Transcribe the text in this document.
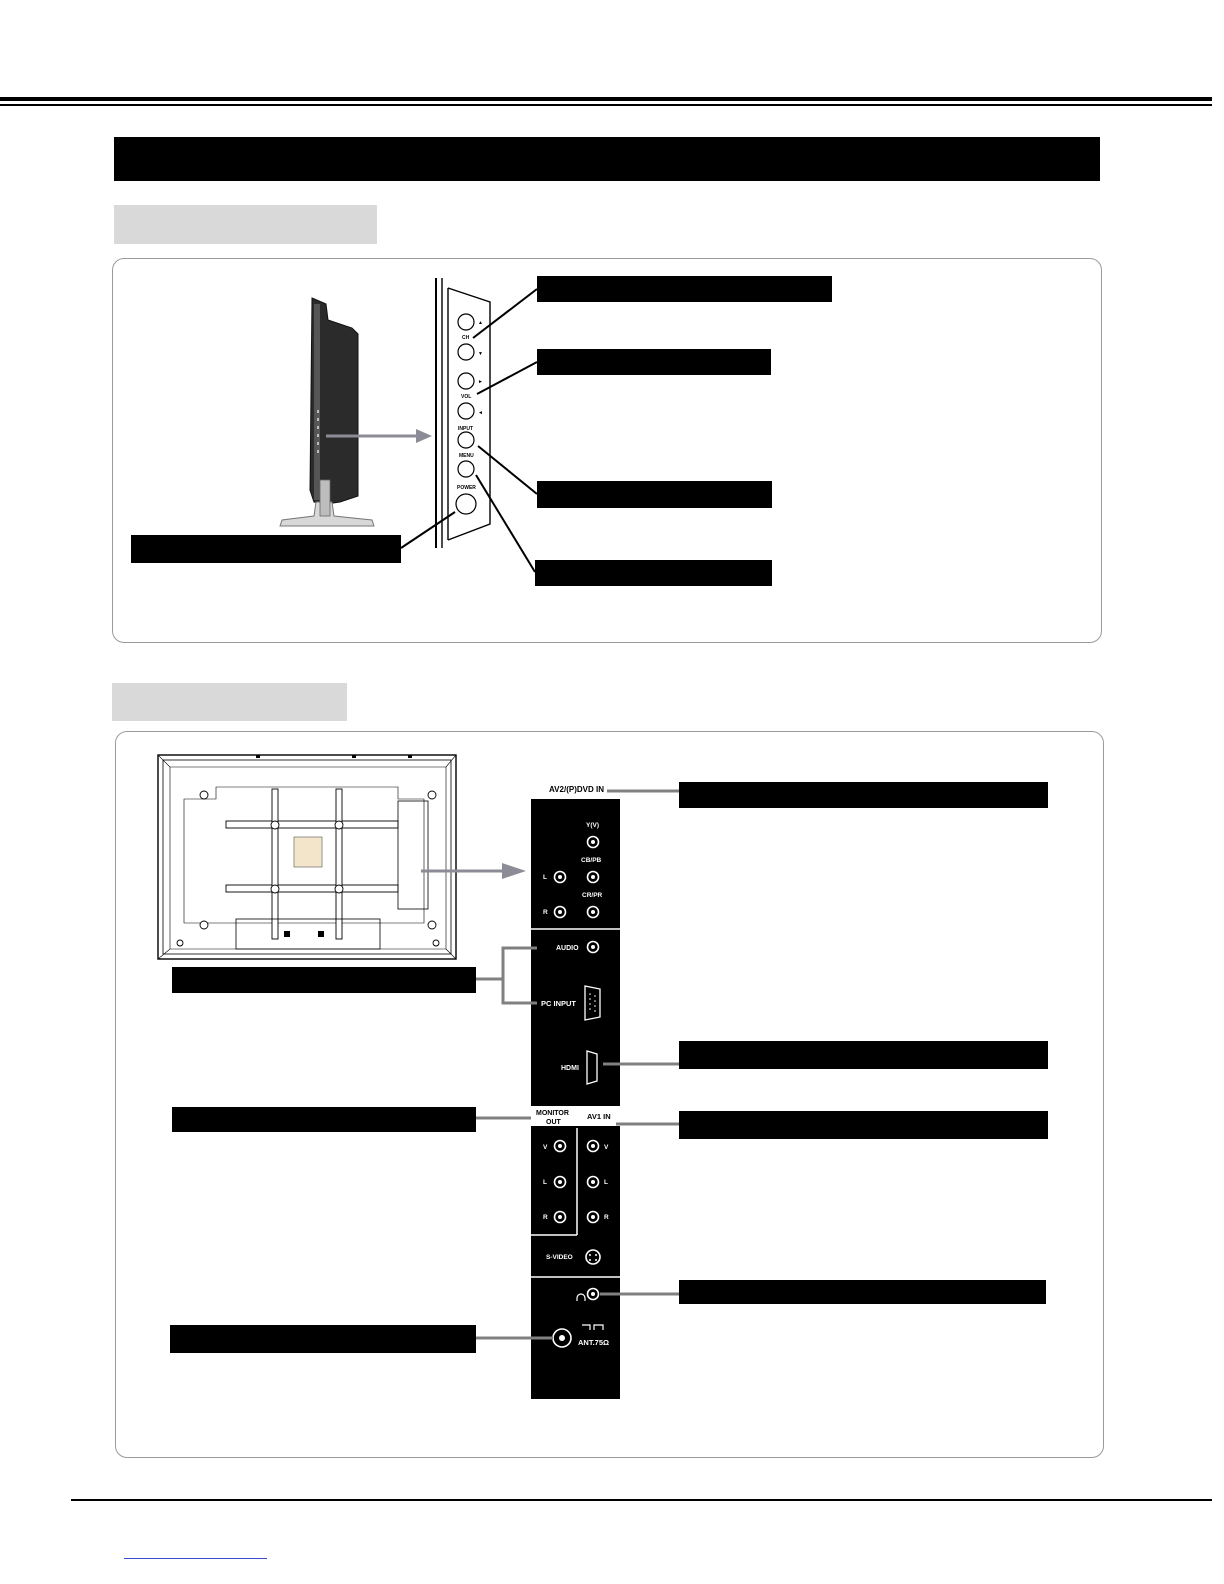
▲
CH
▼
►
VOL
◄
INPUT
MENU
POWER
AV2/(P)DVD IN
Y(V)
CB/PB
CR/PR
L
R
AUDIO
PC INPUT
HDMI
MONITOR
OUT
AV1 IN
V
L
R
V
L
R
S-VIDEO
ANT.75Ω
